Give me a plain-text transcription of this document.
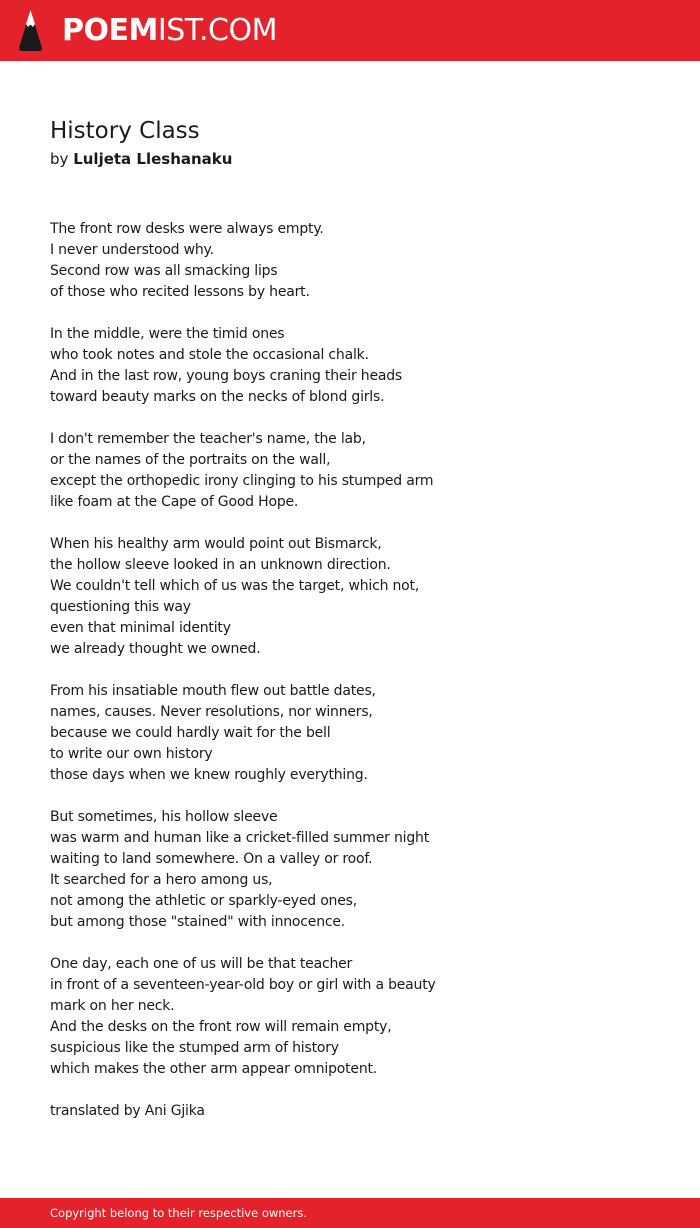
POEMIST.COM
History Class
by Luljeta Lleshanaku
The front row desks were always empty.
I never understood why.
Second row was all smacking lips
of those who recited lessons by heart.
In the middle, were the timid ones
who took notes and stole the occasional chalk.
And in the last row, young boys craning their heads
toward beauty marks on the necks of blond girls.
I don't remember the teacher's name, the lab,
or the names of the portraits on the wall,
except the orthopedic irony clinging to his stumped arm
like foam at the Cape of Good Hope.
When his healthy arm would point out Bismarck,
the hollow sleeve looked in an unknown direction.
We couldn't tell which of us was the target, which not,
questioning this way
even that minimal identity
we already thought we owned.
From his insatiable mouth flew out battle dates,
names, causes. Never resolutions, nor winners,
because we could hardly wait for the bell
to write our own history
those days when we knew roughly everything.
But sometimes, his hollow sleeve
was warm and human like a cricket-filled summer night
waiting to land somewhere. On a valley or roof.
It searched for a hero among us,
not among the athletic or sparkly-eyed ones,
but among those "stained" with innocence.
One day, each one of us will be that teacher
in front of a seventeen-year-old boy or girl with a beauty
mark on her neck.
And the desks on the front row will remain empty,
suspicious like the stumped arm of history
which makes the other arm appear omnipotent.
translated by Ani Gjika
Copyright belong to their respective owners.
